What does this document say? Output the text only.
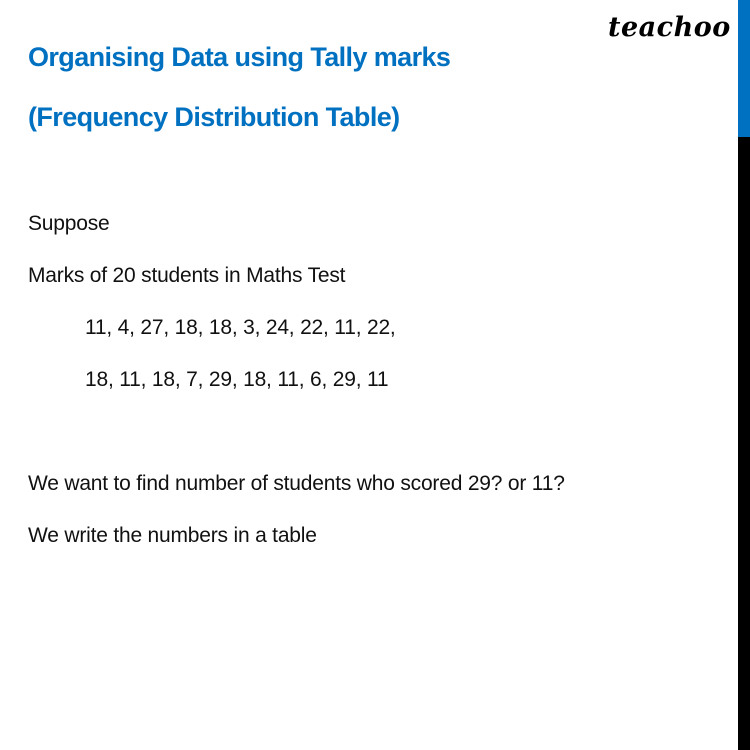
teachoo
Organising Data using Tally marks
(Frequency Distribution Table)
Suppose
Marks of 20 students in Maths Test
11, 4, 27, 18, 18, 3, 24, 22, 11, 22,
18, 11, 18, 7, 29, 18, 11, 6, 29, 11
We want to find number of students who scored 29? or 11?
We write the numbers in a table
